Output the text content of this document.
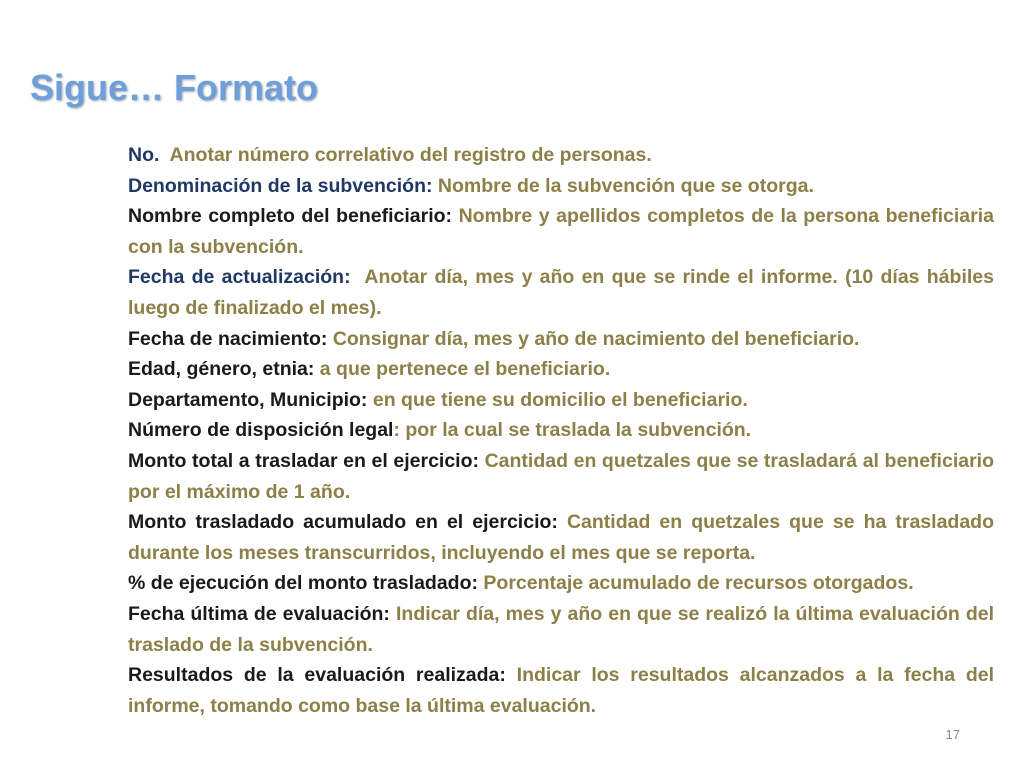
Sigue… Formato

No. Anotar número correlativo del registro de personas.

Denominación de la subvención: Nombre de la subvención que se otorga.

Nombre completo del beneficiario: Nombre y apellidos completos de la persona beneficiaria con la subvención.

Fecha de actualización: Anotar día, mes y año en que se rinde el informe. (10 días hábiles luego de finalizado el mes).

Fecha de nacimiento: Consignar día, mes y año de nacimiento del beneficiario.

Edad, género, etnia: a que pertenece el beneficiario.

Departamento, Municipio: en que tiene su domicilio el beneficiario.

Número de disposición legal: por la cual se traslada la subvención.

Monto total a trasladar en el ejercicio: Cantidad en quetzales que se trasladará al beneficiario por el máximo de 1 año.

Monto trasladado acumulado en el ejercicio: Cantidad en quetzales que se ha trasladado durante los meses transcurridos, incluyendo el mes que se reporta.

% de ejecución del monto trasladado: Porcentaje acumulado de recursos otorgados.

Fecha última de evaluación: Indicar día, mes y año en que se realizó la última evaluación del traslado de la subvención.

Resultados de la evaluación realizada: Indicar los resultados alcanzados a la fecha del informe, tomando como base la última evaluación.

17
